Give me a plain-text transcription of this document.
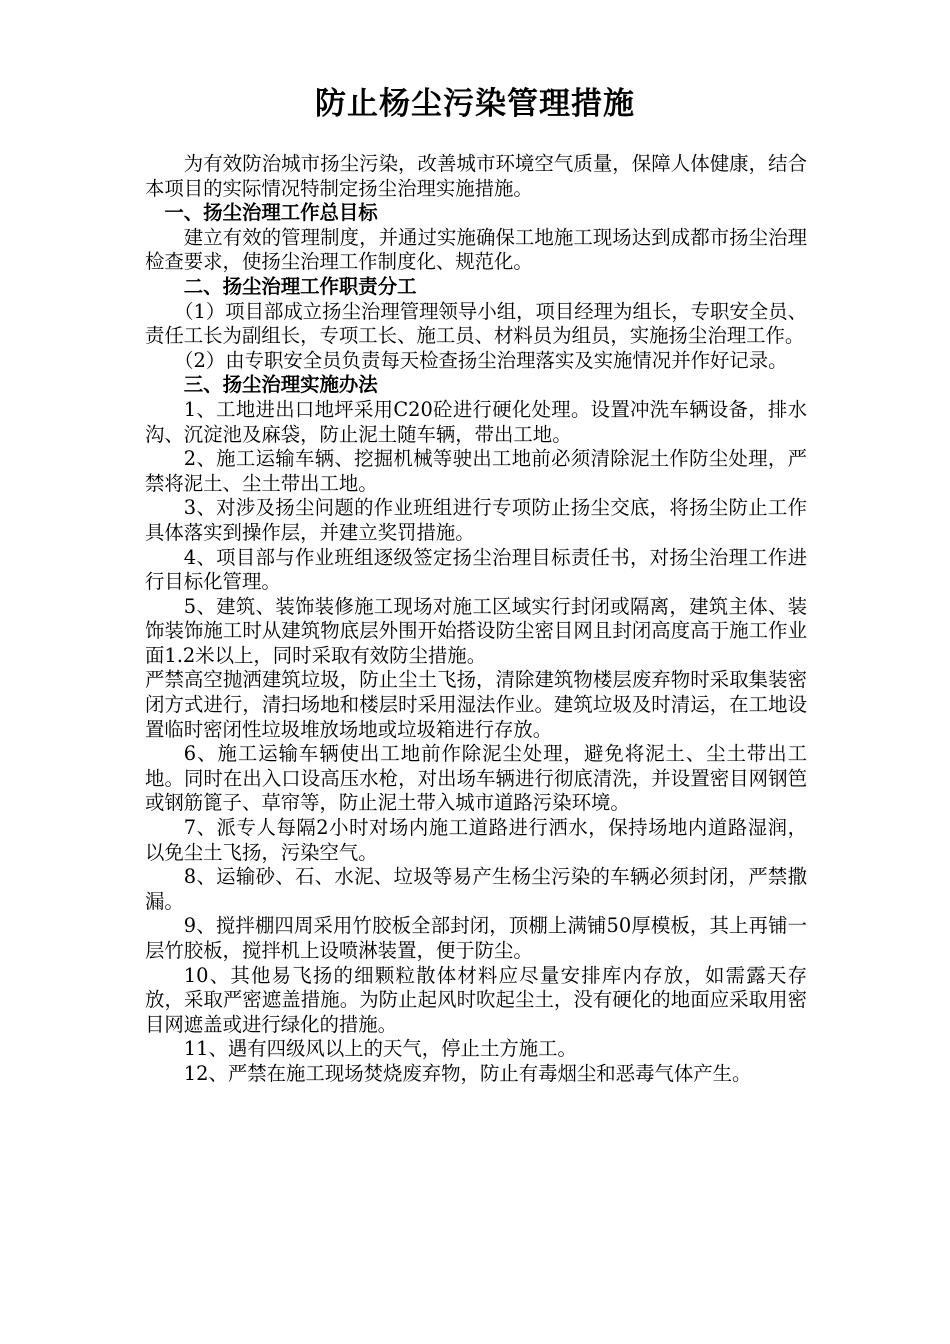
防止杨尘污染管理措施

为有效防治城市扬尘污染，改善城市环境空气质量，保障人体健康，结合本项目的实际情况特制定扬尘治理实施措施。

一、扬尘治理工作总目标

建立有效的管理制度，并通过实施确保工地施工现场达到成都市扬尘治理检查要求，使扬尘治理工作制度化、规范化。

二、扬尘治理工作职责分工

（1）项目部成立扬尘治理管理领导小组，项目经理为组长，专职安全员、责任工长为副组长，专项工长、施工员、材料员为组员，实施扬尘治理工作。

（2）由专职安全员负责每天检查扬尘治理落实及实施情况并作好记录。

三、扬尘治理实施办法

1、工地进出口地坪采用C20砼进行硬化处理。设置冲洗车辆设备，排水沟、沉淀池及麻袋，防止泥土随车辆，带出工地。

2、施工运输车辆、挖掘机械等驶出工地前必须清除泥土作防尘处理，严禁将泥土、尘土带出工地。

3、对涉及扬尘问题的作业班组进行专项防止扬尘交底，将扬尘防止工作具体落实到操作层，并建立奖罚措施。

4、项目部与作业班组逐级签定扬尘治理目标责任书，对扬尘治理工作进行目标化管理。

5、建筑、装饰装修施工现场对施工区域实行封闭或隔离，建筑主体、装饰装饰施工时从建筑物底层外围开始搭设防尘密目网且封闭高度高于施工作业面1.2米以上，同时采取有效防尘措施。

严禁高空抛洒建筑垃圾，防止尘土飞扬，清除建筑物楼层废弃物时采取集装密闭方式进行，清扫场地和楼层时采用湿法作业。建筑垃圾及时清运，在工地设置临时密闭性垃圾堆放场地或垃圾箱进行存放。

6、施工运输车辆使出工地前作除泥尘处理，避免将泥土、尘土带出工地。同时在出入口设高压水枪，对出场车辆进行彻底清洗，并设置密目网钢笆或钢筋篦子、草帘等，防止泥土带入城市道路污染环境。

7、派专人每隔2小时对场内施工道路进行洒水，保持场地内道路湿润，以免尘土飞扬，污染空气。

8、运输砂、石、水泥、垃圾等易产生杨尘污染的车辆必须封闭，严禁撒漏。

9、搅拌棚四周采用竹胶板全部封闭，顶棚上满铺50厚模板，其上再铺一层竹胶板，搅拌机上设喷淋装置，便于防尘。

10、其他易飞扬的细颗粒散体材料应尽量安排库内存放，如需露天存放，采取严密遮盖措施。为防止起风时吹起尘土，没有硬化的地面应采取用密目网遮盖或进行绿化的措施。

11、遇有四级风以上的天气，停止土方施工。

12、严禁在施工现场焚烧废弃物，防止有毒烟尘和恶毒气体产生。
